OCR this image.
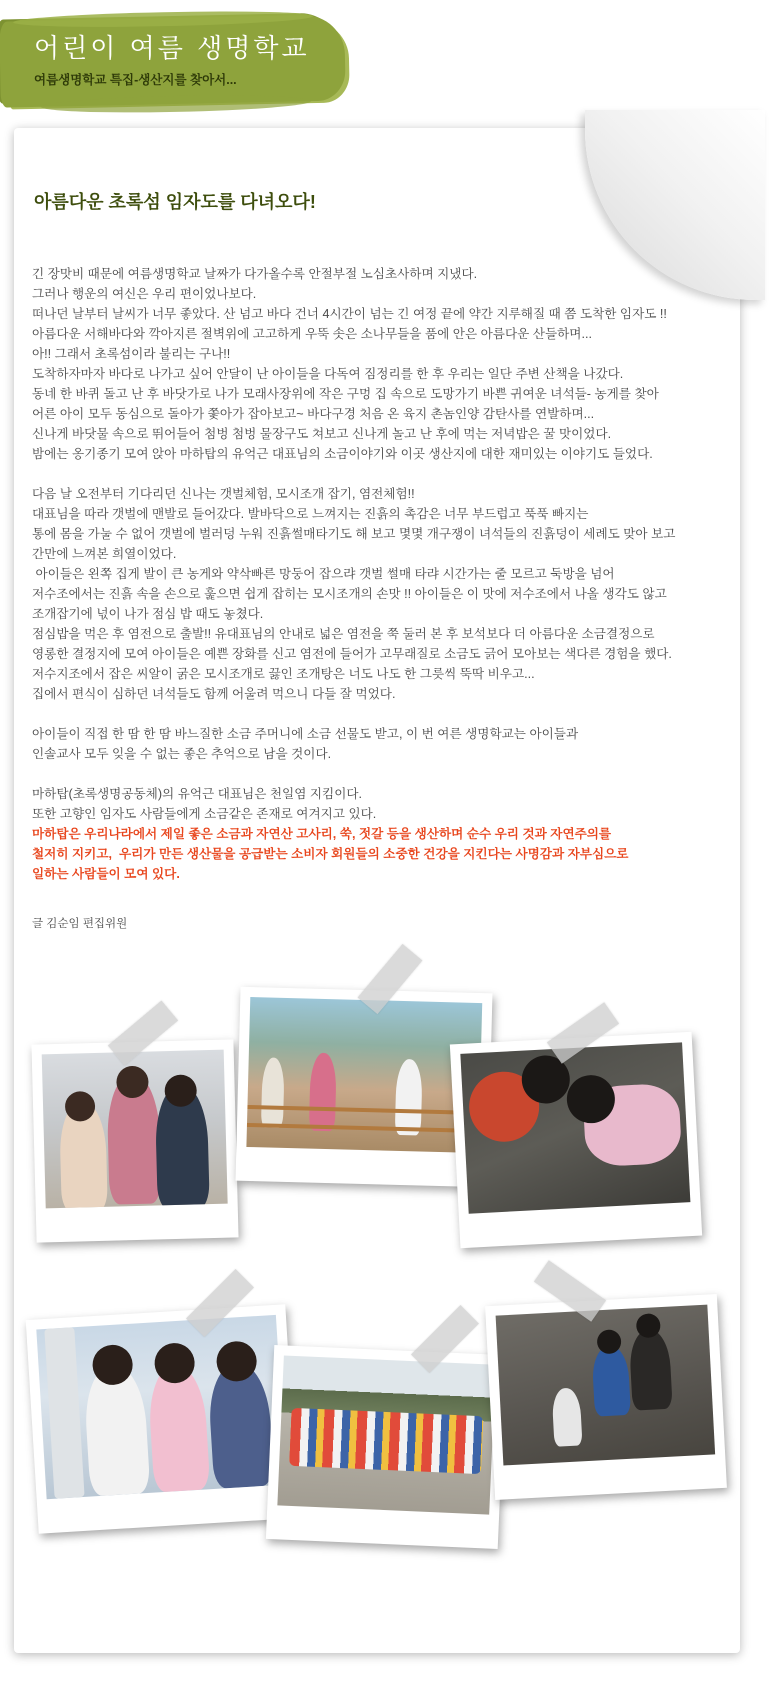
어린이 여름 생명학교
여름생명학교 특집-생산지를 찾아서...
아름다운 초록섬 임자도를 다녀오다!
긴 장맛비 때문에 여름생명학교 날짜가 다가올수록 안절부절 노심초사하며 지냈다.
그러나 행운의 여신은 우리 편이었나보다.
떠나던 날부터 날씨가 너무 좋았다. 산 넘고 바다 건너 4시간이 넘는 긴 여정 끝에 약간 지루해질 때 쯤 도착한 임자도 !!
아름다운 서해바다와 깍아지른 절벽위에 고고하게 우뚝 솟은 소나무들을 품에 안은 아름다운 산들하며...
아!! 그래서 초록섬이라 불리는 구나!!
도착하자마자 바다로 나가고 싶어 안달이 난 아이들을 다독여 짐정리를 한 후 우리는 일단 주변 산책을 나갔다.
동네 한 바퀴 돌고 난 후 바닷가로 나가 모래사장위에 작은 구멍 집 속으로 도망가기 바쁜 귀여운 녀석들- 농게를 찾아
어른 아이 모두 동심으로 돌아가 쫓아가 잡아보고~ 바다구경 처음 온 육지 촌놈인양 감탄사를 연발하며...
신나게 바닷물 속으로 뛰어들어 첨벙 첨벙 물장구도 쳐보고 신나게 놀고 난 후에 먹는 저녁밥은 꿀 맛이었다.
밤에는 옹기종기 모여 앉아 마하탑의 유억근 대표님의 소금이야기와 이곳 생산지에 대한 재미있는 이야기도 들었다.
다음 날 오전부터 기다리던 신나는 갯벌체험, 모시조개 잡기, 염전체험!!
대표님을 따라 갯벌에 맨발로 들어갔다. 발바닥으로 느껴지는 진흙의 촉감은 너무 부드럽고 푹푹 빠지는
통에 몸을 가눌 수 없어 갯벌에 벌러덩 누워 진흙썰매타기도 해 보고 몇몇 개구쟁이 녀석들의 진흙덩이 세례도 맞아 보고
간만에 느껴본 희열이었다.
아이들은 왼쪽 집게 발이 큰 농게와 약삭빠른 망둥어 잡으랴 갯벌 썰매 타랴 시간가는 줄 모르고 둑방을 넘어
저수조에서는 진흙 속을 손으로 훑으면 쉽게 잡히는 모시조개의 손맛 !! 아이들은 이 맛에 저수조에서 나올 생각도 않고
조개잡기에 넋이 나가 점심 밥 때도 놓쳤다.
점심밥을 먹은 후 염전으로 출발!! 유대표님의 안내로 넓은 염전을 쭉 둘러 본 후 보석보다 더 아름다운 소금결정으로
영롱한 결정지에 모여 아이들은 예쁜 장화를 신고 염전에 들어가 고무래질로 소금도 긁어 모아보는 색다른 경험을 했다.
저수지조에서 잡은 씨알이 굵은 모시조개로 끓인 조개탕은 너도 나도 한 그릇씩 뚝딱 비우고...
집에서 편식이 심하던 녀석들도 함께 어울려 먹으니 다들 잘 먹었다.
아이들이 직접 한 땀 한 땀 바느질한 소금 주머니에 소금 선물도 받고, 이 번 여른 생명학교는 아이들과
인솔교사 모두 잊을 수 없는 좋은 추억으로 남을 것이다.
마하탑(초록생명공동체)의 유억근 대표님은 천일염 지킴이다.
또한 고향인 임자도 사람들에게 소금같은 존재로 여겨지고 있다.
마하탑은 우리나라에서 제일 좋은 소금과 자연산 고사리, 쑥, 젓갈 등을 생산하며 순수 우리 것과 자연주의를
철저히 지키고,  우리가 만든 생산물을 공급받는 소비자 회원들의 소중한 건강을 지킨다는 사명감과 자부심으로
일하는 사람들이 모여 있다.
글 김순임 편집위원
